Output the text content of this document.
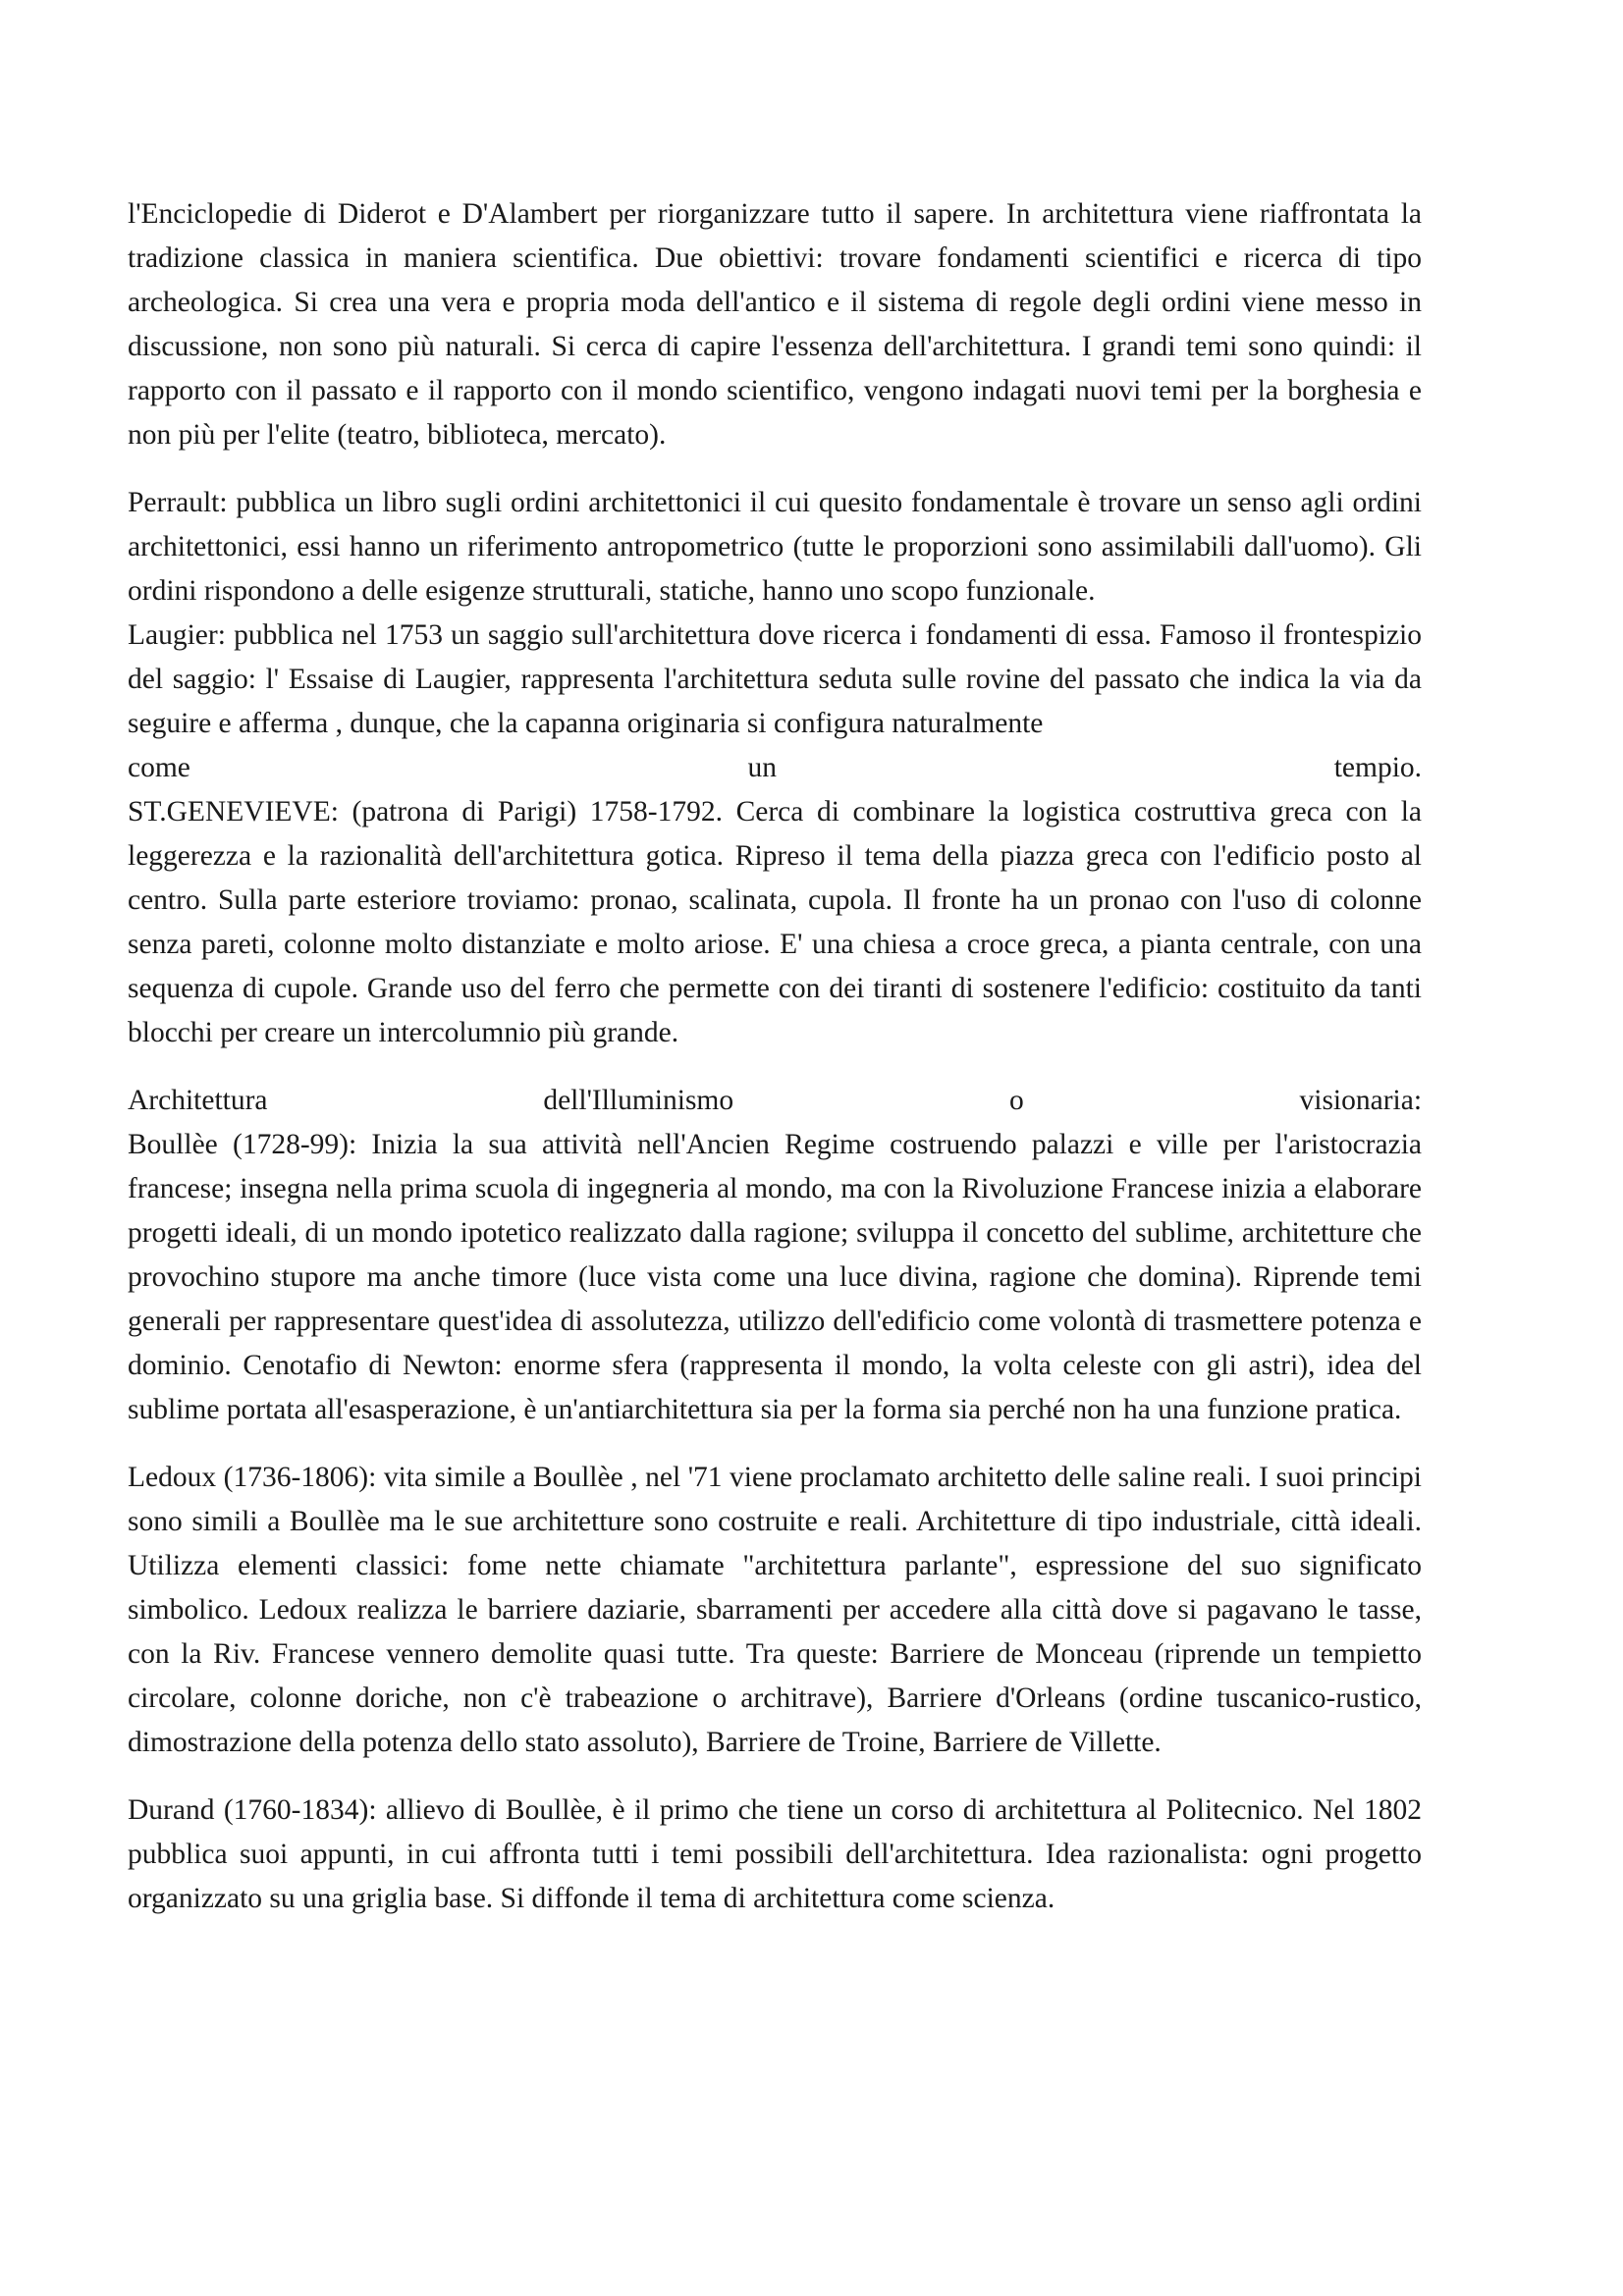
l'Enciclopedie di Diderot e D'Alambert per riorganizzare tutto il sapere. In architettura viene riaffrontata la tradizione classica in maniera scientifica. Due obiettivi: trovare fondamenti scientifici e ricerca di tipo archeologica. Si crea una vera e propria moda dell'antico e il sistema di regole degli ordini viene messo in discussione, non sono più naturali. Si cerca di capire l'essenza dell'architettura. I grandi temi sono quindi: il rapporto con il passato e il rapporto con il mondo scientifico, vengono indagati nuovi temi per la borghesia e non più per l'elite (teatro, biblioteca, mercato).

Perrault: pubblica un libro sugli ordini architettonici il cui quesito fondamentale è trovare un senso agli ordini architettonici, essi hanno un riferimento antropometrico (tutte le proporzioni sono assimilabili dall'uomo). Gli ordini rispondono a delle esigenze strutturali, statiche, hanno uno scopo funzionale.

Laugier: pubblica nel 1753 un saggio sull'architettura dove ricerca i fondamenti di essa. Famoso il frontespizio del saggio: l' Essaise di Laugier, rappresenta l'architettura seduta sulle rovine del passato che indica la via da seguire e afferma , dunque, che la capanna originaria si configura naturalmente

come	un	tempio.

ST.GENEVIEVE: (patrona di Parigi) 1758-1792. Cerca di combinare la logistica costruttiva greca con la leggerezza e la razionalità dell'architettura gotica. Ripreso il tema della piazza greca con l'edificio posto al centro. Sulla parte esteriore troviamo: pronao, scalinata, cupola. Il fronte ha un pronao con l'uso di colonne senza pareti, colonne molto distanziate e molto ariose. E' una chiesa a croce greca, a pianta centrale, con una sequenza di cupole. Grande uso del ferro che permette con dei tiranti di sostenere l'edificio: costituito da tanti blocchi per creare un intercolumnio più grande.

Architettura	dell'Illuminismo	o	visionaria:

Boullèe (1728-99): Inizia la sua attività nell'Ancien Regime costruendo palazzi e ville per l'aristocrazia francese; insegna nella prima scuola di ingegneria al mondo, ma con la Rivoluzione Francese inizia a elaborare progetti ideali, di un mondo ipotetico realizzato dalla ragione; sviluppa il concetto del sublime, architetture che provochino stupore ma anche timore (luce vista come una luce divina, ragione che domina). Riprende temi generali per rappresentare quest'idea di assolutezza, utilizzo dell'edificio come volontà di trasmettere potenza e dominio. Cenotafio di Newton: enorme sfera (rappresenta il mondo, la volta celeste con gli astri), idea del sublime portata all'esasperazione, è un'antiarchitettura sia per la forma sia perché non ha una funzione pratica.

Ledoux (1736-1806): vita simile a Boullèe , nel '71 viene proclamato architetto delle saline reali. I suoi principi sono simili a Boullèe ma le sue architetture sono costruite e reali. Architetture di tipo industriale, città ideali. Utilizza elementi classici: fome nette chiamate "architettura parlante", espressione del suo significato simbolico. Ledoux realizza le barriere daziarie, sbarramenti per accedere alla città dove si pagavano le tasse, con la Riv. Francese vennero demolite quasi tutte. Tra queste: Barriere de Monceau (riprende un tempietto circolare, colonne doriche, non c'è trabeazione o architrave), Barriere d'Orleans (ordine tuscanico-rustico, dimostrazione della potenza dello stato assoluto), Barriere de Troine, Barriere de Villette.

Durand (1760-1834): allievo di Boullèe, è il primo che tiene un corso di architettura al Politecnico. Nel 1802 pubblica suoi appunti, in cui affronta tutti i temi possibili dell'architettura. Idea razionalista: ogni progetto organizzato su una griglia base. Si diffonde il tema di architettura come scienza.
